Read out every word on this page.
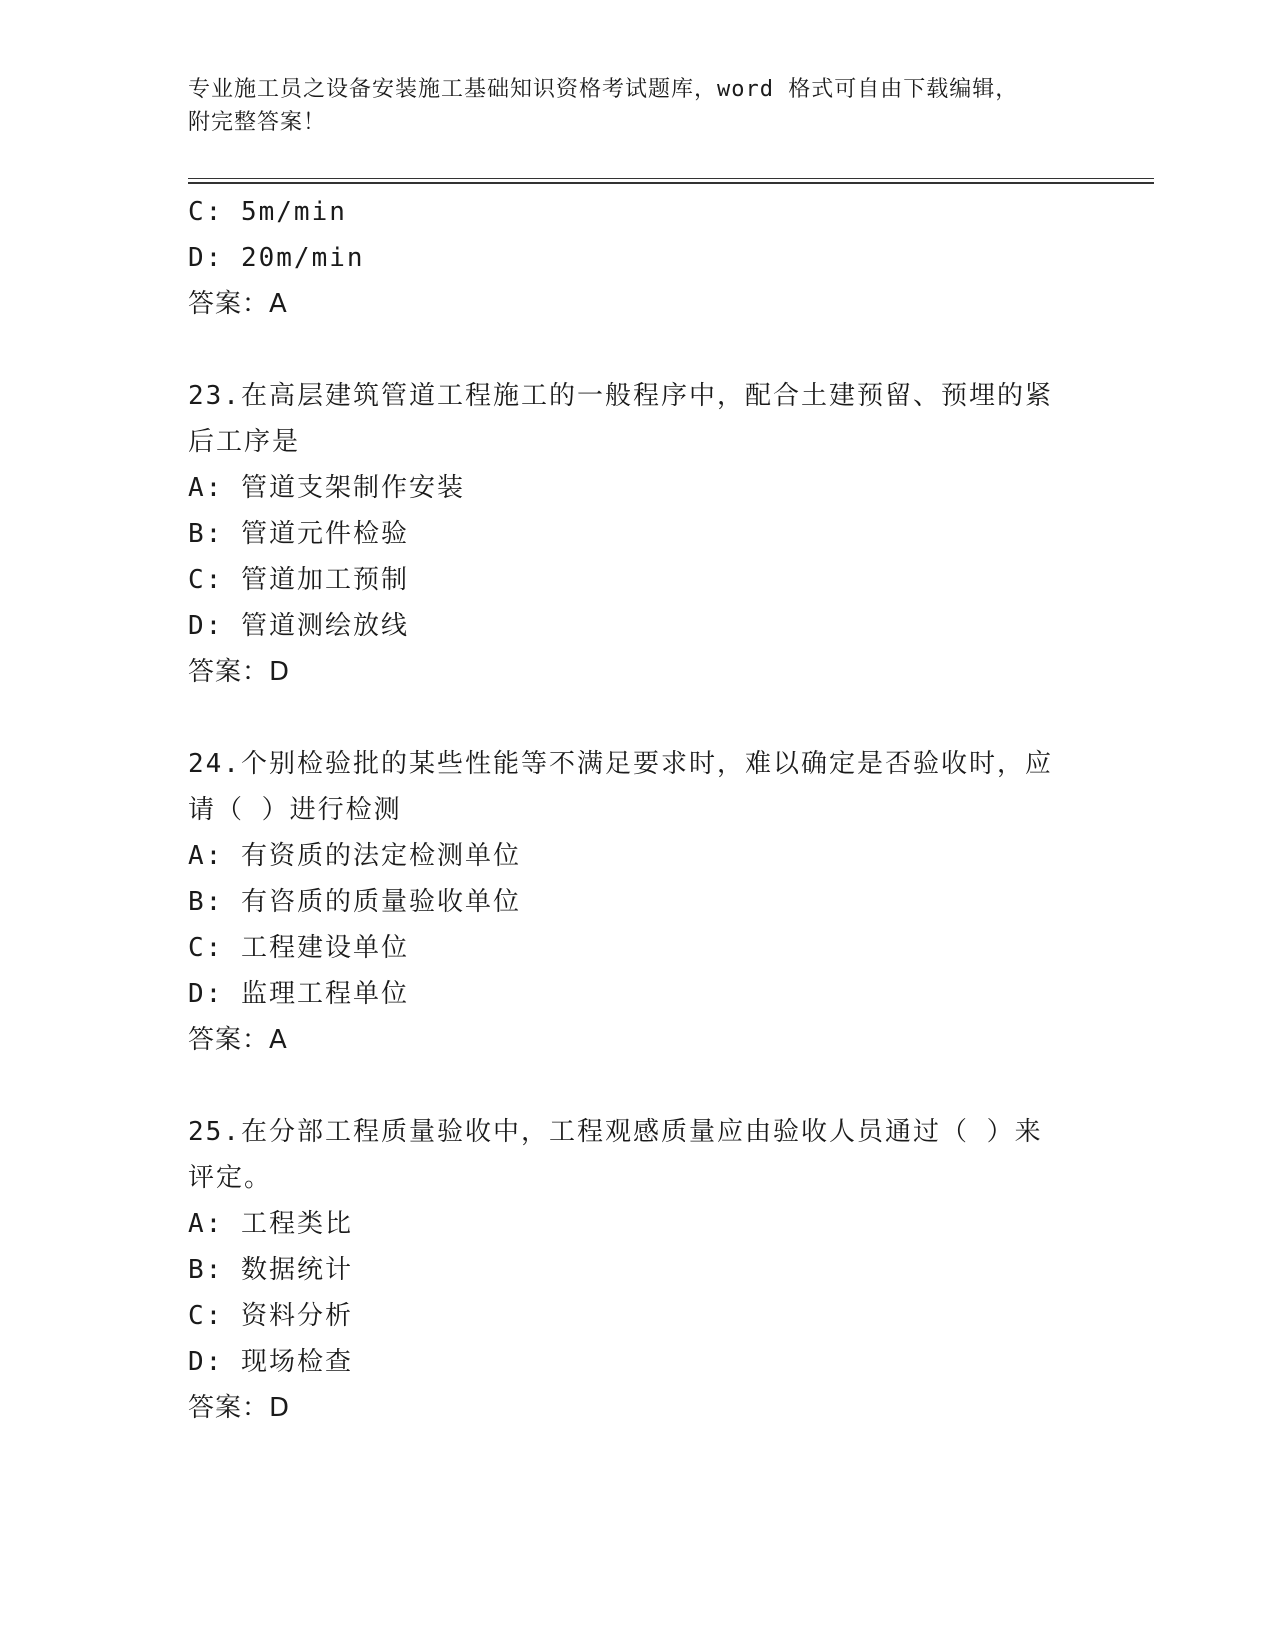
专业施工员之设备安装施工基础知识资格考试题库，word 格式可自由下载编辑，
附完整答案！
C: 5m/min
D: 20m/min
答案：A
23.在高层建筑管道工程施工的一般程序中，配合土建预留、预埋的紧
后工序是
A: 管道支架制作安装
B: 管道元件检验
C: 管道加工预制
D: 管道测绘放线
答案：D
24.个别检验批的某些性能等不满足要求时，难以确定是否验收时，应
请（ ）进行检测
A: 有资质的法定检测单位
B: 有咨质的质量验收单位
C: 工程建设单位
D: 监理工程单位
答案：A
25.在分部工程质量验收中，工程观感质量应由验收人员通过（ ）来
评定。
A: 工程类比
B: 数据统计
C: 资料分析
D: 现场检查
答案：D
